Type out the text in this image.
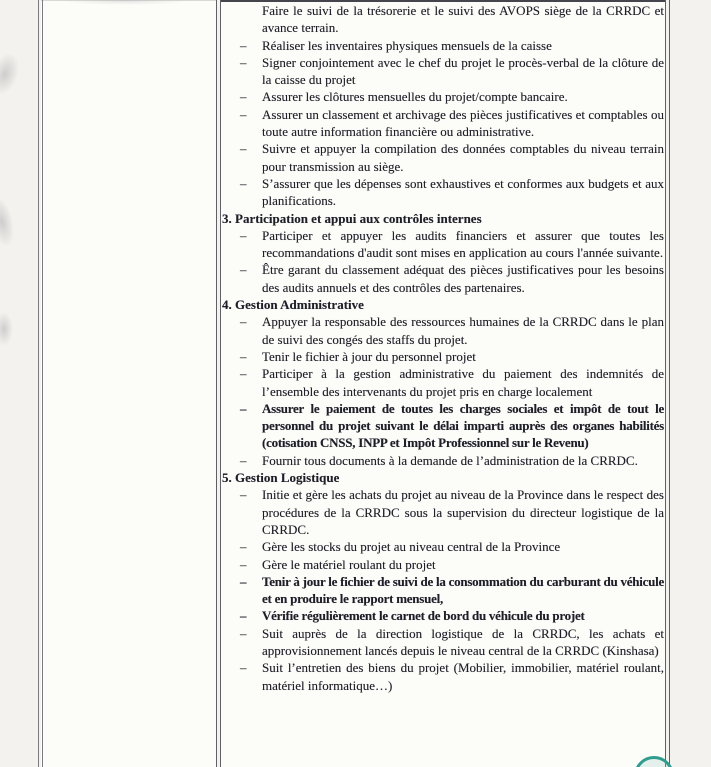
Faire le suivi de la trésorerie et le suivi des AVOPS siège de la CRRDC et avance terrain.
– Réaliser les inventaires physiques mensuels de la caisse
– Signer conjointement avec le chef du projet le procès-verbal de la clôture de la caisse du projet
– Assurer les clôtures mensuelles du projet/compte bancaire.
– Assurer un classement et archivage des pièces justificatives et comptables ou toute autre information financière ou administrative.
– Suivre et appuyer la compilation des données comptables du niveau terrain pour transmission au siège.
– S’assurer que les dépenses sont exhaustives et conformes aux budgets et aux planifications.
3. Participation et appui aux contrôles internes
– Participer et appuyer les audits financiers et assurer que toutes les recommandations d'audit sont mises en application au cours l'année suivante.
– Être garant du classement adéquat des pièces justificatives pour les besoins des audits annuels et des contrôles des partenaires.
4. Gestion Administrative
– Appuyer la responsable des ressources humaines de la CRRDC dans le plan de suivi des congés des staffs du projet.
– Tenir le fichier à jour du personnel projet
– Participer à la gestion administrative du paiement des indemnités de l’ensemble des intervenants du projet pris en charge localement
– Assurer le paiement de toutes les charges sociales et impôt de tout le personnel du projet suivant le délai imparti auprès des organes habilités (cotisation CNSS, INPP et Impôt Professionnel sur le Revenu)
– Fournir tous documents à la demande de l’administration de la CRRDC.
5. Gestion Logistique
– Initie et gère les achats du projet au niveau de la Province dans le respect des procédures de la CRRDC sous la supervision du directeur logistique de la CRRDC.
– Gère les stocks du projet au niveau central de la Province
– Gère le matériel roulant du projet
– Tenir à jour le fichier de suivi de la consommation du carburant du véhicule et en produire le rapport mensuel,
– Vérifie régulièrement le carnet de bord du véhicule du projet
– Suit auprès de la direction logistique de la CRRDC, les achats et approvisionnement lancés depuis le niveau central de la CRRDC (Kinshasa)
– Suit l’entretien des biens du projet (Mobilier, immobilier, matériel roulant, matériel informatique…)
